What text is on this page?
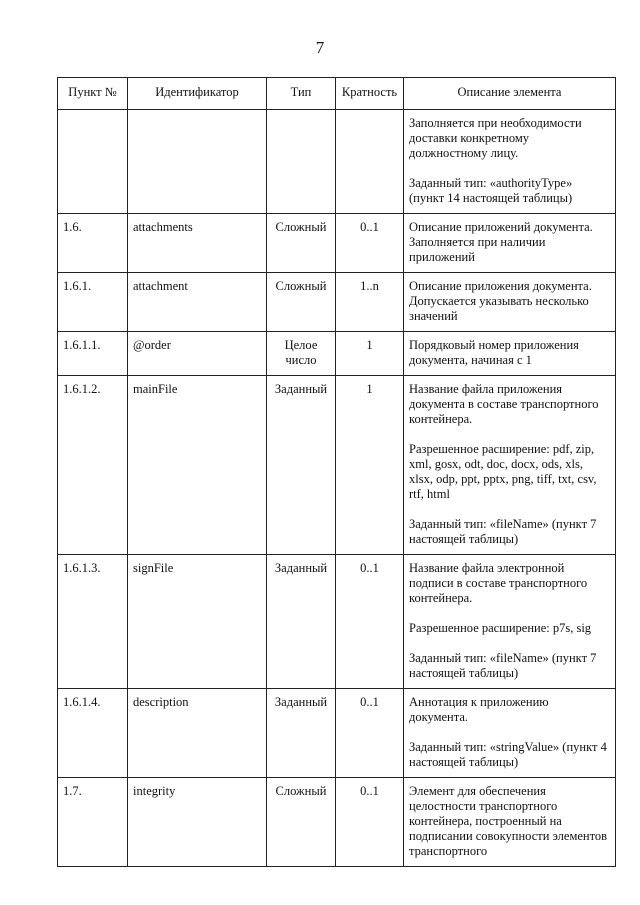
7
Пункт №	Идентификатор	Тип	Кратность	Описание элемента

				Заполняется при необходимости доставки конкретному должностному лицу.
Заданный тип: «authorityType» (пункт 14 настоящей таблицы)

1.6.	attachments	Сложный	0..1	Описание приложений документа. Заполняется при наличии приложений

1.6.1.	attachment	Сложный	1..n	Описание приложения документа. Допускается указывать несколько значений

1.6.1.1.	@order	Целое число	1	Порядковый номер приложения документа, начиная с 1

1.6.1.2.	mainFile	Заданный	1	Название файла приложения документа в составе транспортного контейнера.
Разрешенное расширение: pdf, zip, xml, gosx, odt, doc, docx, ods, xls, xlsx, odp, ppt, pptx, png, tiff, txt, csv, rtf, html
Заданный тип: «fileName» (пункт 7 настоящей таблицы)

1.6.1.3.	signFile	Заданный	0..1	Название файла электронной подписи в составе транспортного контейнера.
Разрешенное расширение: p7s, sig
Заданный тип: «fileName» (пункт 7 настоящей таблицы)

1.6.1.4.	description	Заданный	0..1	Аннотация к приложению документа.
Заданный тип: «stringValue» (пункт 4 настоящей таблицы)

1.7.	integrity	Сложный	0..1	Элемент для обеспечения целостности транспортного контейнера, построенный на подписании совокупности элементов транспортного
